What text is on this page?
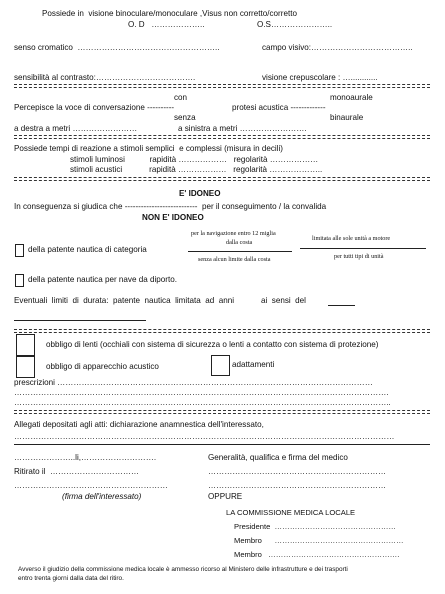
Possiede in  visione binoculare/monoculare ,Visus non corretto/corretto
O. D   ………………..	O.S…………………..
senso cromatico  ……………………………………………..	campo visivo:………………………………..
sensibilità al contrasto:……………………………….	visione crepuscolare : …............
con	monoaurale
Percepisce la voce di conversazione ----------	protesi acustica -------------
senza	binaurale
a destra a metri ……………………	a sinistra a metri …………………….
Possiede tempi di reazione a stimoli semplici  e complessi (misura in decili)
stimoli luminosi           rapidità ………………   regolarità ………………
stimoli acustici            rapidità ………………   regolarità ………………..
E' IDONEO
In conseguenza si giudica che ---------------------------  per il conseguimento / la convalida
NON E' IDONEO
della patente nautica di categoria
per la navigazione entro 12 miglia
dalla costa
senza alcun limite dalla costa
limitata alle sole unità a motore
per tutti tipi di unità
della patente nautica per nave da diporto.
Eventuali  limiti  di  durata:  patente  nautica  limitata  ad  anni            ai  sensi  del
obbligo di lenti (occhiali con sistema di sicurezza o lenti a contatto con sistema di protezione)
obbligo di apparecchio acustico	adattamenti
prescrizioni ………………………………………………………………………………………………………
………………………………………………………………………………………………………………………….
…………………………………………………………………………………………………………………………..
Allegati depositati agli atti: dichiarazione anamnestica dell'interessato,
……………………………………………………………………………………………………………………………
…………………..li,……………………….	Generalità, qualifica e firma del medico
Ritirato il  ……………………………	…………………………………………………………
…………………………………………………	…………………………………………………………
(firma dell'interessato)	OPPURE
LA COMMISSIONE MEDICA LOCALE
Presidente  …………………………………………
Membro      ……………………………………………
Membro   …………………………………………….
Avverso il giudizio della commissione medica locale è ammesso ricorso al Ministero delle infrastrutture e dei trasporti
entro trenta giorni dalla data del ritiro.
